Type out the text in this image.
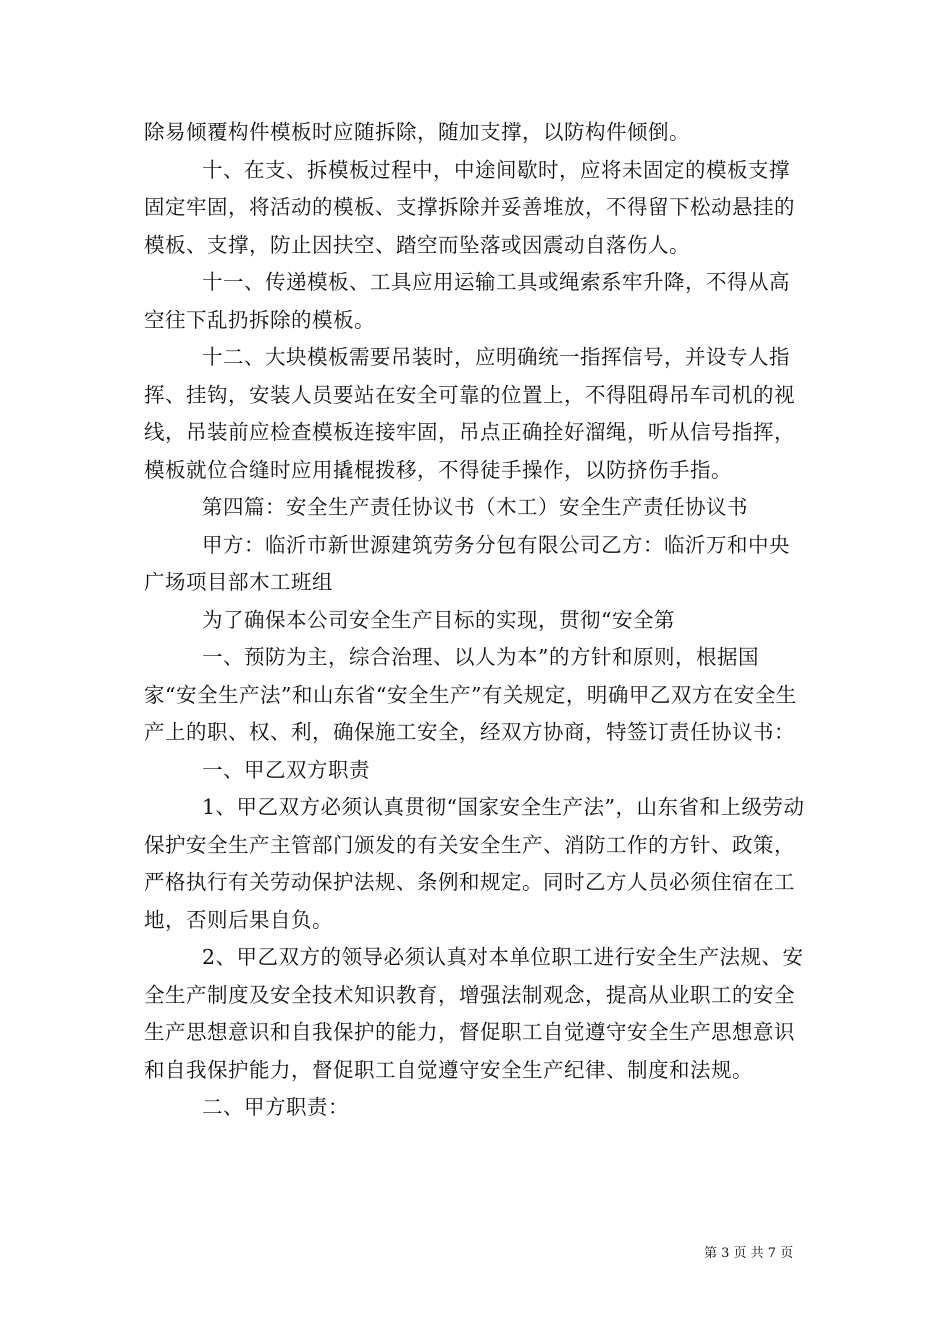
除易倾覆构件模板时应随拆除，随加支撑，以防构件倾倒。

十、在支、拆模板过程中，中途间歇时，应将未固定的模板支撑固定牢固，将活动的模板、支撑拆除并妥善堆放，不得留下松动悬挂的模板、支撑，防止因扶空、踏空而坠落或因震动自落伤人。

十一、传递模板、工具应用运输工具或绳索系牢升降，不得从高空往下乱扔拆除的模板。

十二、大块模板需要吊装时，应明确统一指挥信号，并设专人指挥、挂钩，安装人员要站在安全可靠的位置上，不得阻碍吊车司机的视线，吊装前应检查模板连接牢固，吊点正确拴好溜绳，听从信号指挥，模板就位合缝时应用撬棍拨移，不得徒手操作，以防挤伤手指。

第四篇：安全生产责任协议书（木工）安全生产责任协议书

甲方：临沂市新世源建筑劳务分包有限公司乙方：临沂万和中央广场项目部木工班组

为了确保本公司安全生产目标的实现，贯彻“安全第

一、预防为主，综合治理、以人为本”的方针和原则，根据国家“安全生产法”和山东省“安全生产”有关规定，明确甲乙双方在安全生产上的职、权、利，确保施工安全，经双方协商，特签订责任协议书：

一、甲乙双方职责

1、甲乙双方必须认真贯彻“国家安全生产法”，山东省和上级劳动保护安全生产主管部门颁发的有关安全生产、消防工作的方针、政策，严格执行有关劳动保护法规、条例和规定。同时乙方人员必须住宿在工地，否则后果自负。

2、甲乙双方的领导必须认真对本单位职工进行安全生产法规、安全生产制度及安全技术知识教育，增强法制观念，提高从业职工的安全生产思想意识和自我保护的能力，督促职工自觉遵守安全生产思想意识和自我保护能力，督促职工自觉遵守安全生产纪律、制度和法规。

二、甲方职责：

第 3 页 共 7 页
